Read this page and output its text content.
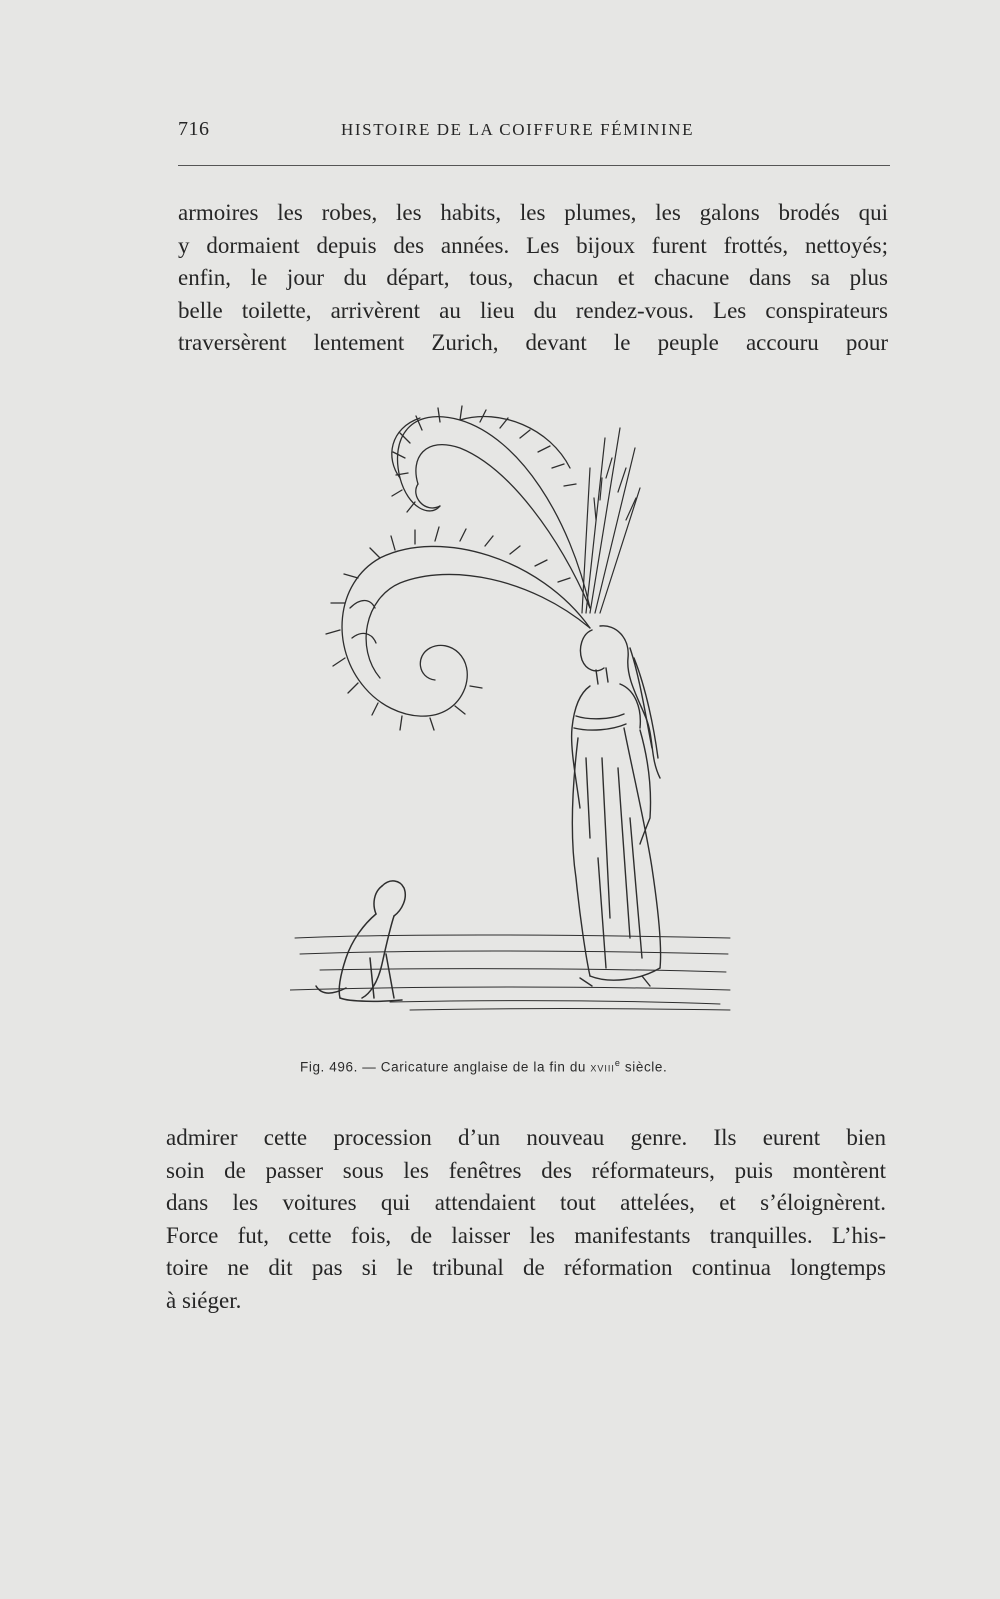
716	HISTOIRE DE LA COIFFURE FÉMININE
armoires les robes, les habits, les plumes, les galons brodés qui
y dormaient depuis des années. Les bijoux furent frottés, nettoyés;
enfin, le jour du départ, tous, chacun et chacune dans sa plus
belle toilette, arrivèrent au lieu du rendez-vous. Les conspirateurs
traversèrent lentement Zurich, devant le peuple accouru pour
Fig. 496. — Caricature anglaise de la fin du xviii$^e$ siècle.
admirer cette procession d’un nouveau genre. Ils eurent bien
soin de passer sous les fenêtres des réformateurs, puis montèrent
dans les voitures qui attendaient tout attelées, et s’éloignèrent.
Force fut, cette fois, de laisser les manifestants tranquilles. L’his-
toire ne dit pas si le tribunal de réformation continua longtemps
à siéger.
